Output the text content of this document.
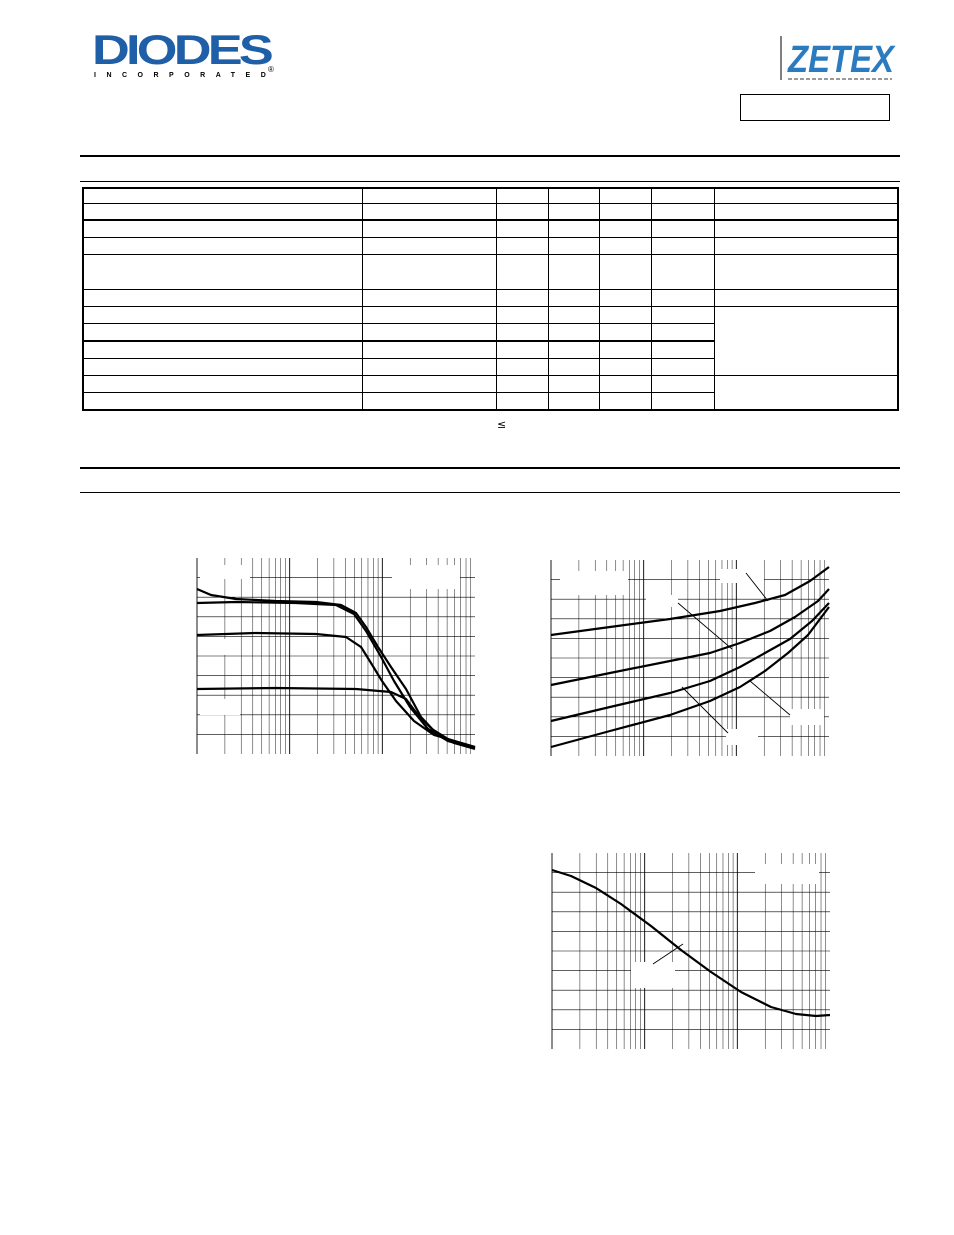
DIODES
INCORPORATED
®	ZETEX

≤
